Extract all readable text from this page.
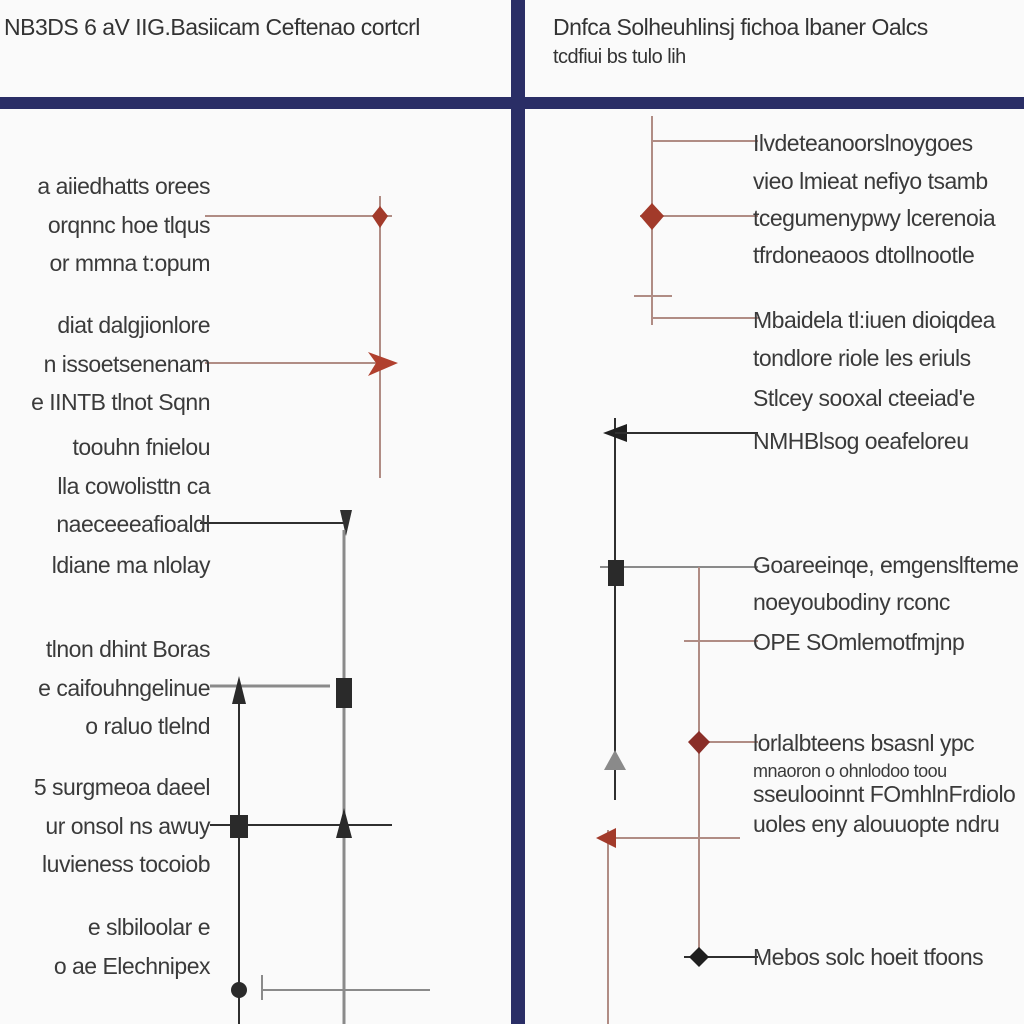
NB3DS 6 aV IIG.Basiicam Ceftenao cortcrl	Dnfca Solheuhlinsj fichoa lbaner Oalcs
tcdfiui bs tulo lih
a aiiedhatts orees
orqnnc hoe tlqus
or mmna t:opum
diat dalgjionlore
n issoetsenenam
e IINTB tlnot Sqnn
toouhn fnielou
lla cowolisttn ca
naeceeeafioaldl
ldiane ma nlolay
tlnon dhint Boras
e caifouhngelinue
o raluo tlelnd
5 surgmeoa daeel
ur onsol ns awuy
luvieness tocoiob
e slbiloolar e
o ae Elechnipex
Ilvdeteanoorslnoygoes
vieo lmieat nefiyo tsamb
tcegumenypwy lcerenoia
tfrdoneaoos dtollnootle
Mbaidela tl:iuen dioiqdea
tondlore riole les eriuls
Stlcey sooxal cteeiad'e
NMHBlsog oeafeloreu
Goareeinqe, emgenslfteme
noeyoubodiny rconc
OPE SOmlemotfmjnp
lorlalbteens bsasnl ypc
mnaoron o ohnlodoo toou
sseulooinnt FOmhlnFrdiolo
uoles eny alouuopte ndru
Mebos solc hoeit tfoons
